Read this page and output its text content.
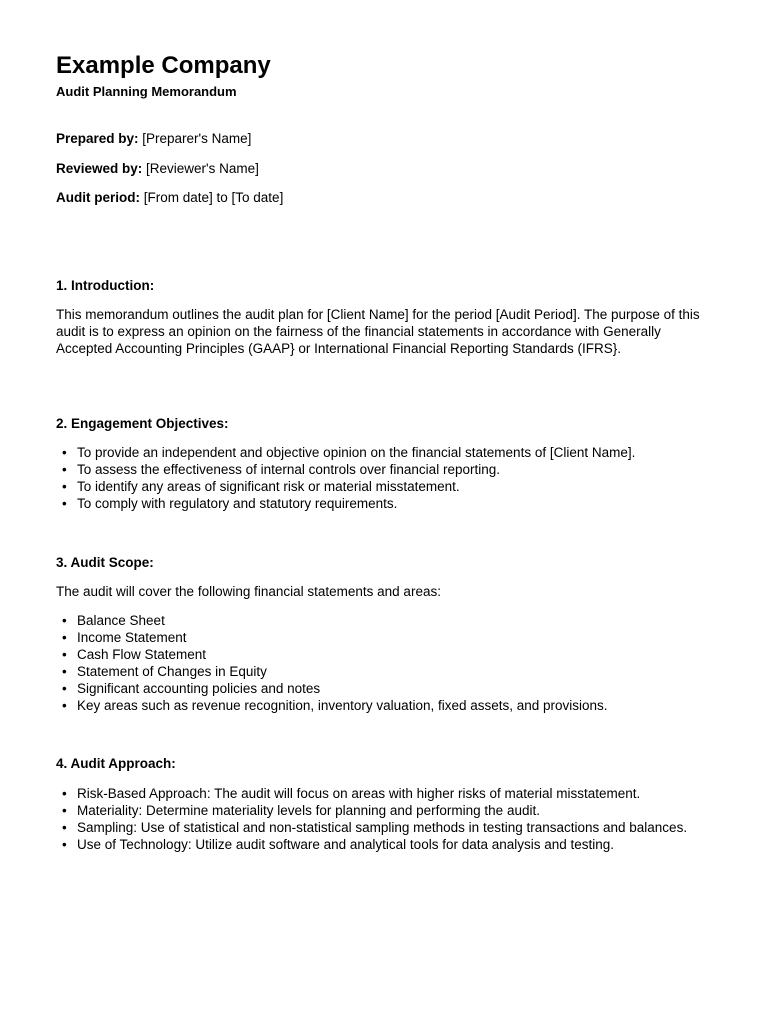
Example Company
Audit Planning Memorandum

Prepared by: [Preparer's Name]

Reviewed by: [Reviewer's Name]

Audit period: [From date] to [To date]

1. Introduction:

This memorandum outlines the audit plan for [Client Name] for the period [Audit Period]. The purpose of this audit is to express an opinion on the fairness of the financial statements in accordance with Generally Accepted Accounting Principles (GAAP} or International Financial Reporting Standards (IFRS}.

2. Engagement Objectives:
• To provide an independent and objective opinion on the financial statements of [Client Name].
• To assess the effectiveness of internal controls over financial reporting.
• To identify any areas of significant risk or material misstatement.
• To comply with regulatory and statutory requirements.
3. Audit Scope:

The audit will cover the following financial statements and areas:

• Balance Sheet
• Income Statement
• Cash Flow Statement
• Statement of Changes in Equity
• Significant accounting policies and notes
• Key areas such as revenue recognition, inventory valuation, fixed assets, and provisions.
4. Audit Approach:
• Risk-Based Approach: The audit will focus on areas with higher risks of material misstatement.
• Materiality: Determine materiality levels for planning and performing the audit.
• Sampling: Use of statistical and non-statistical sampling methods in testing transactions and balances.
• Use of Technology: Utilize audit software and analytical tools for data analysis and testing.
